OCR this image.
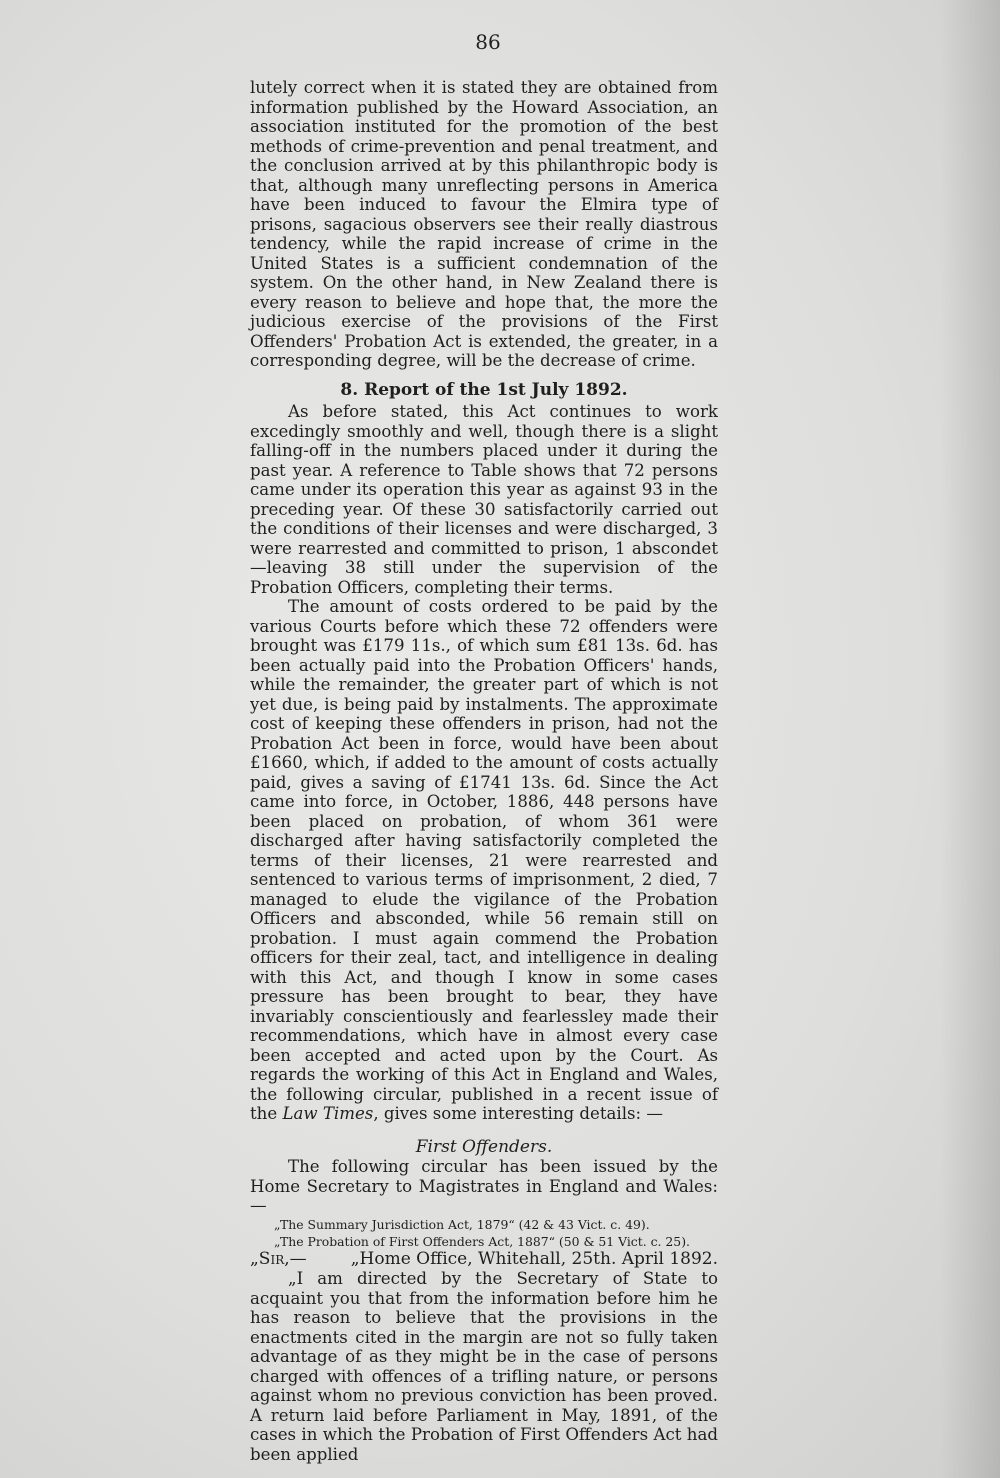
86

lutely correct when it is stated they are obtained from information published by the Howard Association, an association instituted for the promotion of the best methods of crime-prevention and penal treatment, and the conclusion arrived at by this philanthropic body is that, although many unreflecting persons in America have been induced to favour the Elmira type of prisons, sagacious observers see their really diastrous tendency, while the rapid increase of crime in the United States is a sufficient condemnation of the system. On the other hand, in New Zealand there is every reason to believe and hope that, the more the judicious exercise of the provisions of the First Offenders' Probation Act is extended, the greater, in a corresponding degree, will be the decrease of crime.

8. Report of the 1st July 1892.

As before stated, this Act continues to work excedingly smoothly and well, though there is a slight falling-off in the numbers placed under it during the past year. A reference to Table shows that 72 persons came under its operation this year as against 93 in the preceding year. Of these 30 satisfactorily carried out the conditions of their licenses and were discharged, 3 were rearrested and committed to prison, 1 abscondet—leaving 38 still under the supervision of the Probation Officers, completing their terms.

The amount of costs ordered to be paid by the various Courts before which these 72 offenders were brought was £179 11s., of which sum £81 13s. 6d. has been actually paid into the Probation Officers' hands, while the remainder, the greater part of which is not yet due, is being paid by instalments. The approximate cost of keeping these offenders in prison, had not the Probation Act been in force, would have been about £1660, which, if added to the amount of costs actually paid, gives a saving of £1741 13s. 6d. Since the Act came into force, in October, 1886, 448 persons have been placed on probation, of whom 361 were discharged after having satisfactorily completed the terms of their licenses, 21 were rearrested and sentenced to various terms of imprisonment, 2 died, 7 managed to elude the vigilance of the Probation Officers and absconded, while 56 remain still on probation. I must again commend the Probation officers for their zeal, tact, and intelligence in dealing with this Act, and though I know in some cases pressure has been brought to bear, they have invariably conscientiously and fearlessley made their recommendations, which have in almost every case been accepted and acted upon by the Court. As regards the working of this Act in England and Wales, the following circular, published in a recent issue of the Law Times, gives some interesting details: —

First Offenders.

The following circular has been issued by the Home Secretary to Magistrates in England and Wales: —

„The Summary Jurisdiction Act, 1879“ (42 & 43 Vict. c. 49).

„The Probation of First Offenders Act, 1887“ (50 & 51 Vict. c. 25).

„Sir,—	„Home Office, Whitehall, 25th. April 1892.

„I am directed by the Secretary of State to acquaint you that from the information before him he has reason to believe that the provisions in the enactments cited in the margin are not so fully taken advantage of as they might be in the case of persons charged with offences of a trifling nature, or persons against whom no previous conviction has been proved. A return laid before Parliament in May, 1891, of the cases in which the Probation of First Offenders Act had been applied
